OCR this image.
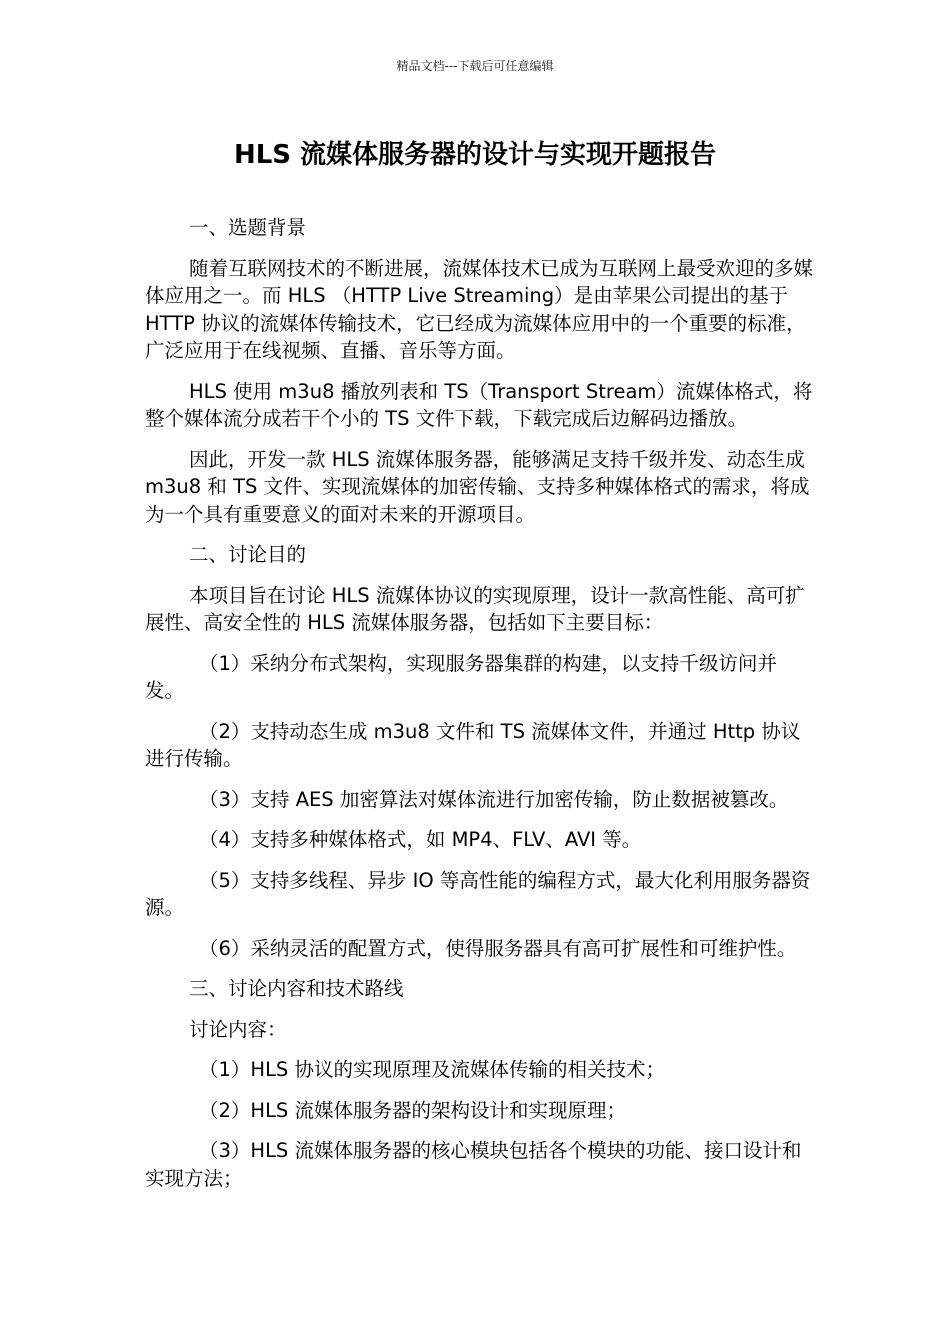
精品文档---下载后可任意编辑
HLS 流媒体服务器的设计与实现开题报告

一、选题背景

随着互联网技术的不断进展，流媒体技术已成为互联网上最受欢迎的多媒体应用之一。而 HLS （HTTP Live Streaming）是由苹果公司提出的基于 HTTP 协议的流媒体传输技术，它已经成为流媒体应用中的一个重要的标准，广泛应用于在线视频、直播、音乐等方面。

HLS 使用 m3u8 播放列表和 TS（Transport Stream）流媒体格式，将整个媒体流分成若干个小的 TS 文件下载，下载完成后边解码边播放。

因此，开发一款 HLS 流媒体服务器，能够满足支持千级并发、动态生成 m3u8 和 TS 文件、实现流媒体的加密传输、支持多种媒体格式的需求，将成为一个具有重要意义的面对未来的开源项目。

二、讨论目的

本项目旨在讨论 HLS 流媒体协议的实现原理，设计一款高性能、高可扩展性、高安全性的 HLS 流媒体服务器，包括如下主要目标：

（1）采纳分布式架构，实现服务器集群的构建，以支持千级访问并发。

（2）支持动态生成 m3u8 文件和 TS 流媒体文件，并通过 Http 协议进行传输。

（3）支持 AES 加密算法对媒体流进行加密传输，防止数据被篡改。

（4）支持多种媒体格式，如 MP4、FLV、AVI 等。

（5）支持多线程、异步 IO 等高性能的编程方式，最大化利用服务器资源。

（6）采纳灵活的配置方式，使得服务器具有高可扩展性和可维护性。

三、讨论内容和技术路线

讨论内容：

（1）HLS 协议的实现原理及流媒体传输的相关技术；

（2）HLS 流媒体服务器的架构设计和实现原理；

（3）HLS 流媒体服务器的核心模块包括各个模块的功能、接口设计和实现方法；
